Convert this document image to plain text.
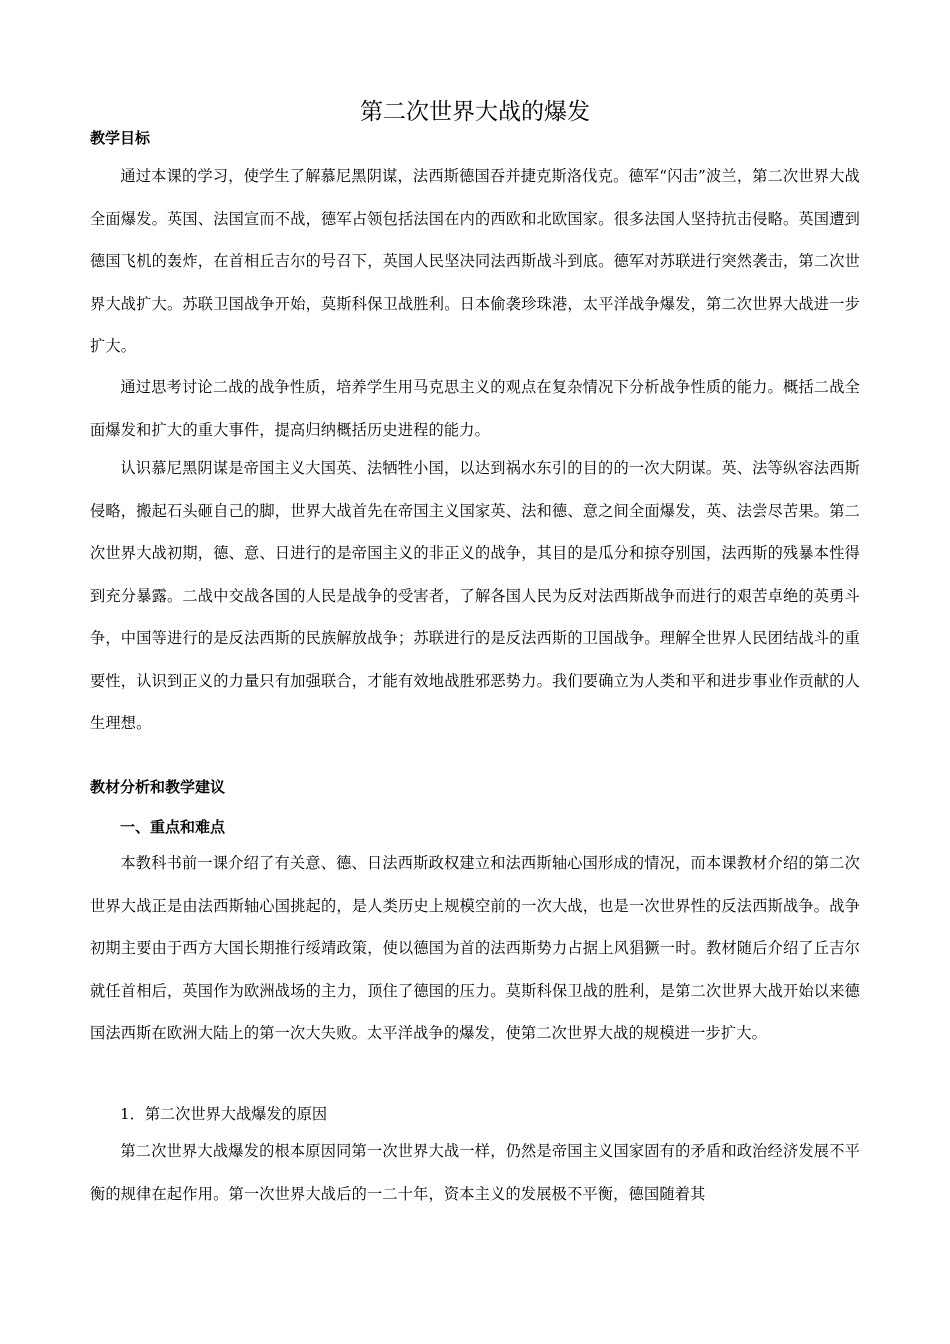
第二次世界大战的爆发
教学目标

通过本课的学习，使学生了解慕尼黑阴谋，法西斯德国吞并捷克斯洛伐克。德军“闪击”波兰，第二次世界大战全面爆发。英国、法国宣而不战，德军占领包括法国在内的西欧和北欧国家。很多法国人坚持抗击侵略。英国遭到德国飞机的轰炸，在首相丘吉尔的号召下，英国人民坚决同法西斯战斗到底。德军对苏联进行突然袭击，第二次世界大战扩大。苏联卫国战争开始，莫斯科保卫战胜利。日本偷袭珍珠港，太平洋战争爆发，第二次世界大战进一步扩大。

通过思考讨论二战的战争性质，培养学生用马克思主义的观点在复杂情况下分析战争性质的能力。概括二战全面爆发和扩大的重大事件，提高归纳概括历史进程的能力。

认识慕尼黑阴谋是帝国主义大国英、法牺牲小国，以达到祸水东引的目的的一次大阴谋。英、法等纵容法西斯侵略，搬起石头砸自己的脚，世界大战首先在帝国主义国家英、法和德、意之间全面爆发，英、法尝尽苦果。第二次世界大战初期，德、意、日进行的是帝国主义的非正义的战争，其目的是瓜分和掠夺别国，法西斯的残暴本性得到充分暴露。二战中交战各国的人民是战争的受害者，了解各国人民为反对法西斯战争而进行的艰苦卓绝的英勇斗争，中国等进行的是反法西斯的民族解放战争；苏联进行的是反法西斯的卫国战争。理解全世界人民团结战斗的重要性，认识到正义的力量只有加强联合，才能有效地战胜邪恶势力。我们要确立为人类和平和进步事业作贡献的人生理想。

教材分析和教学建议
一、重点和难点

本教科书前一课介绍了有关意、德、日法西斯政权建立和法西斯轴心国形成的情况，而本课教材介绍的第二次世界大战正是由法西斯轴心国挑起的，是人类历史上规模空前的一次大战，也是一次世界性的反法西斯战争。战争初期主要由于西方大国长期推行绥靖政策，使以德国为首的法西斯势力占据上风猖獗一时。教材随后介绍了丘吉尔就任首相后，英国作为欧洲战场的主力，顶住了德国的压力。莫斯科保卫战的胜利，是第二次世界大战开始以来德国法西斯在欧洲大陆上的第一次大失败。太平洋战争的爆发，使第二次世界大战的规模进一步扩大。

1．第二次世界大战爆发的原因

第二次世界大战爆发的根本原因同第一次世界大战一样，仍然是帝国主义国家固有的矛盾和政治经济发展不平衡的规律在起作用。第一次世界大战后的一二十年，资本主义的发展极不平衡，德国随着其
